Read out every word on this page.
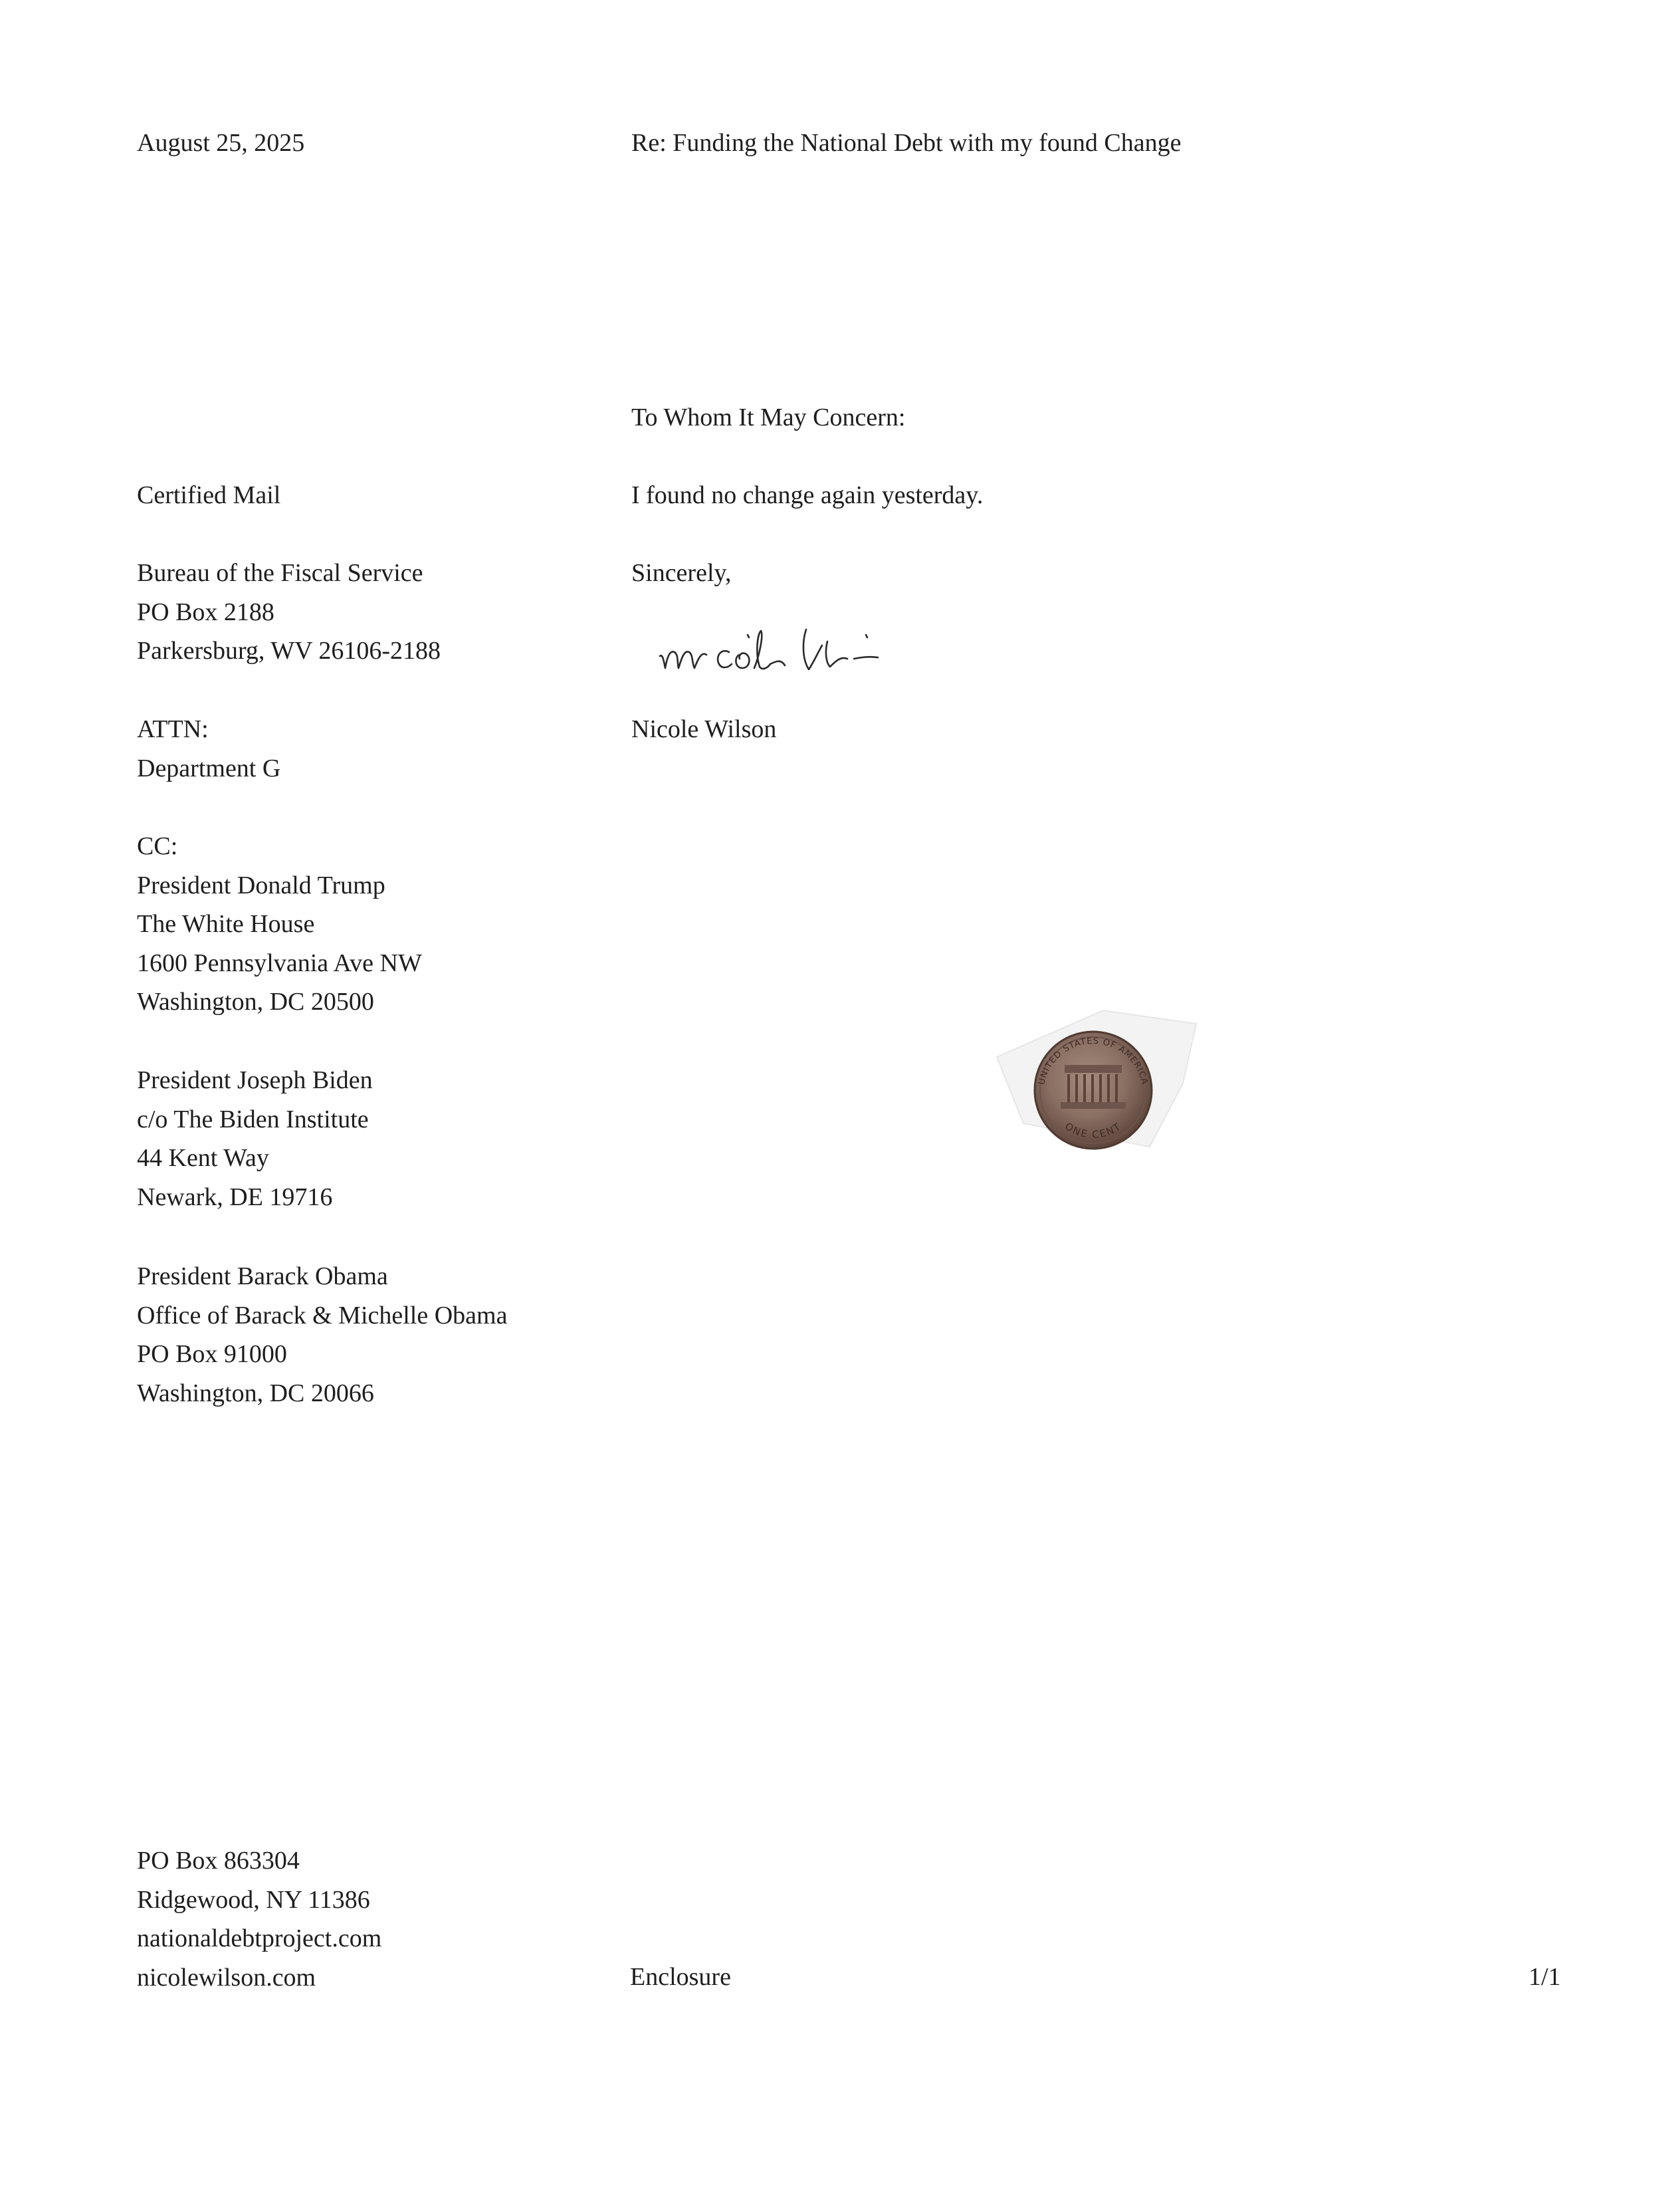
August 25, 2025
Certified Mail
Bureau of the Fiscal Service
PO Box 2188
Parkersburg, WV 26106-2188
ATTN:
Department G
CC:
President Donald Trump
The White House
1600 Pennsylvania Ave NW
Washington, DC 20500
President Joseph Biden
c/o The Biden Institute
44 Kent Way
Newark, DE 19716
President Barack Obama
Office of Barack & Michelle Obama
PO Box 91000
Washington, DC 20066
PO Box 863304
Ridgewood, NY 11386
nationaldebtproject.com
nicolewilson.com
Re: Funding the National Debt with my found Change
To Whom It May Concern:
I found no change again yesterday.
Sincerely,
Nicole Wilson
UNITED STATES OF AMERICA
ONE CENT
Enclosure	1/1
